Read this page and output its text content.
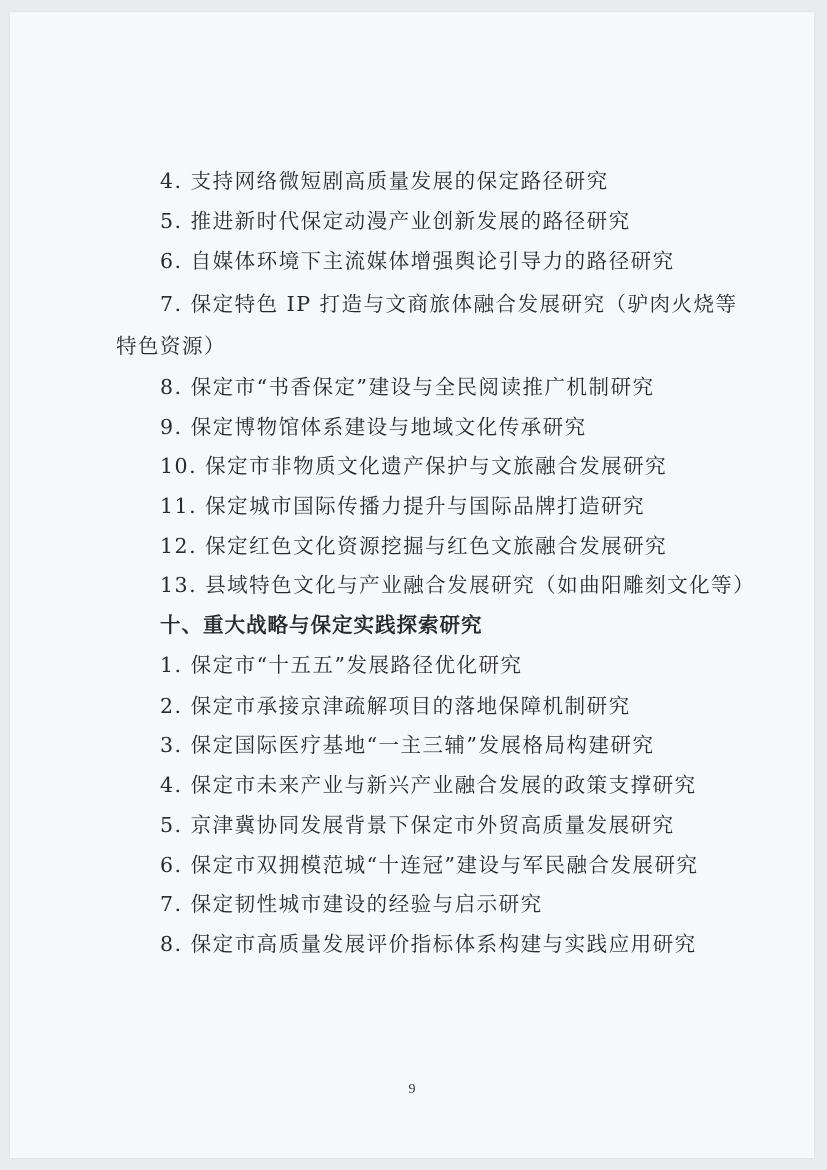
4. 支持网络微短剧高质量发展的保定路径研究
5. 推进新时代保定动漫产业创新发展的路径研究
6. 自媒体环境下主流媒体增强舆论引导力的路径研究
7. 保定特色 IP 打造与文商旅体融合发展研究（驴肉火烧等
特色资源）
8. 保定市“书香保定”建设与全民阅读推广机制研究
9. 保定博物馆体系建设与地域文化传承研究
10. 保定市非物质文化遗产保护与文旅融合发展研究
11. 保定城市国际传播力提升与国际品牌打造研究
12. 保定红色文化资源挖掘与红色文旅融合发展研究
13. 县域特色文化与产业融合发展研究（如曲阳雕刻文化等）
十、重大战略与保定实践探索研究
1. 保定市“十五五”发展路径优化研究
2. 保定市承接京津疏解项目的落地保障机制研究
3. 保定国际医疗基地“一主三辅”发展格局构建研究
4. 保定市未来产业与新兴产业融合发展的政策支撑研究
5. 京津冀协同发展背景下保定市外贸高质量发展研究
6. 保定市双拥模范城“十连冠”建设与军民融合发展研究
7. 保定韧性城市建设的经验与启示研究
8. 保定市高质量发展评价指标体系构建与实践应用研究
9
